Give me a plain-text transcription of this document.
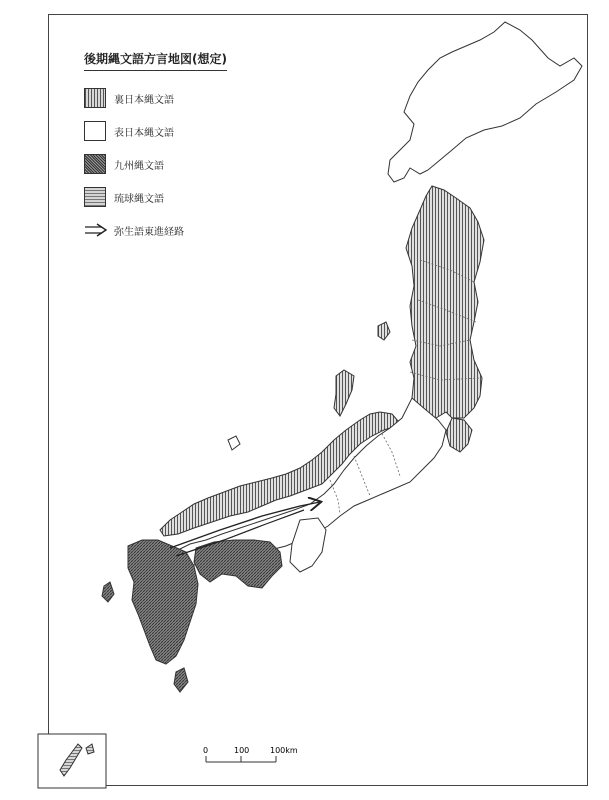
0	100	100km
後期縄文語方言地図(想定)
裏日本縄文語
表日本縄文語
九州縄文語
琉球縄文語
弥生語東進経路
